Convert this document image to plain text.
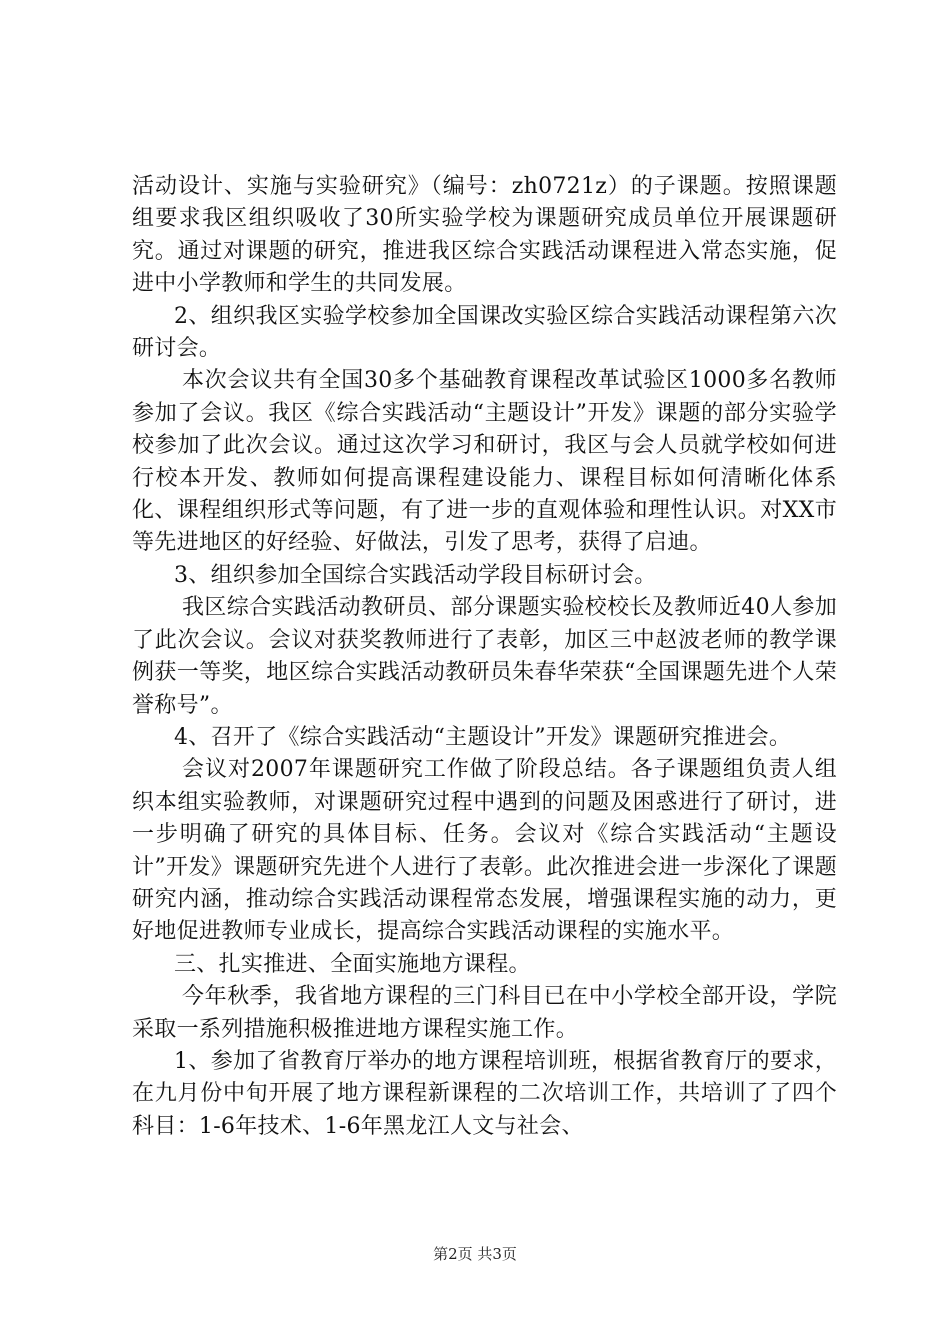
活动设计、实施与实验研究》（编号：zh0721z）的子课题。按照课题组要求我区组织吸收了30所实验学校为课题研究成员单位开展课题研究。通过对课题的研究，推进我区综合实践活动课程进入常态实施，促进中小学教师和学生的共同发展。

2、组织我区实验学校参加全国课改实验区综合实践活动课程第六次研讨会。

本次会议共有全国30多个基础教育课程改革试验区1000多名教师参加了会议。我区《综合实践活动“主题设计”开发》课题的部分实验学校参加了此次会议。通过这次学习和研讨，我区与会人员就学校如何进行校本开发、教师如何提高课程建设能力、课程目标如何清晰化体系化、课程组织形式等问题，有了进一步的直观体验和理性认识。对XX市等先进地区的好经验、好做法，引发了思考，获得了启迪。

3、组织参加全国综合实践活动学段目标研讨会。

我区综合实践活动教研员、部分课题实验校校长及教师近40人参加了此次会议。会议对获奖教师进行了表彰，加区三中赵波老师的教学课例获一等奖，地区综合实践活动教研员朱春华荣获“全国课题先进个人荣誉称号”。

4、召开了《综合实践活动“主题设计”开发》课题研究推进会。

会议对2007年课题研究工作做了阶段总结。各子课题组负责人组织本组实验教师，对课题研究过程中遇到的问题及困惑进行了研讨，进一步明确了研究的具体目标、任务。会议对《综合实践活动“主题设计”开发》课题研究先进个人进行了表彰。此次推进会进一步深化了课题研究内涵，推动综合实践活动课程常态发展，增强课程实施的动力，更好地促进教师专业成长，提高综合实践活动课程的实施水平。

三、扎实推进、全面实施地方课程。

今年秋季，我省地方课程的三门科目已在中小学校全部开设，学院采取一系列措施积极推进地方课程实施工作。

1、参加了省教育厅举办的地方课程培训班，根据省教育厅的要求，在九月份中旬开展了地方课程新课程的二次培训工作，共培训了了四个科目：1-6年技术、1-6年黑龙江人文与社会、

第2页 共3页
